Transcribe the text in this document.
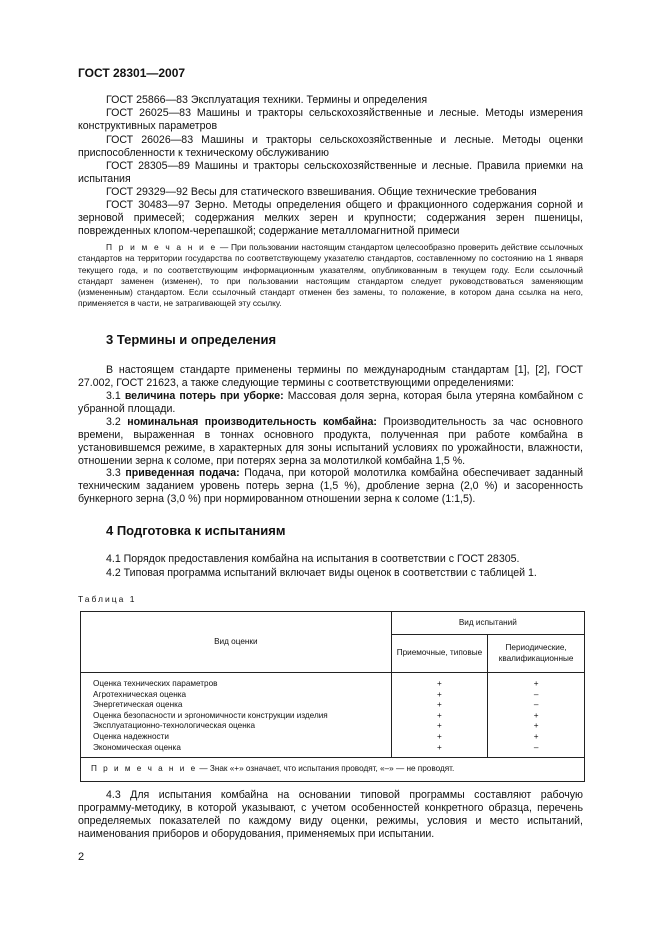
ГОСТ 28301—2007
ГОСТ 25866—83 Эксплуатация техники. Термины и определения
ГОСТ 26025—83 Машины и тракторы сельскохозяйственные и лесные. Методы измерения конструктивных параметров
ГОСТ 26026—83 Машины и тракторы сельскохозяйственные и лесные. Методы оценки приспособленности к техническому обслуживанию
ГОСТ 28305—89 Машины и тракторы сельскохозяйственные и лесные. Правила приемки на испытания
ГОСТ 29329—92 Весы для статического взвешивания. Общие технические требования
ГОСТ 30483—97 Зерно. Методы определения общего и фракционного содержания сорной и зерновой примесей; содержания мелких зерен и крупности; содержания зерен пшеницы, поврежденных клопом-черепашкой; содержание металломагнитной примеси
П р и м е ч а н и е — При пользовании настоящим стандартом целесообразно проверить действие ссылочных стандартов на территории государства по соответствующему указателю стандартов, составленному по состоянию на 1 января текущего года, и по соответствующим информационным указателям, опубликованным в текущем году. Если ссылочный стандарт заменен (изменен), то при пользовании настоящим стандартом следует руководствоваться заменяющим (измененным) стандартом. Если ссылочный стандарт отменен без замены, то положение, в котором дана ссылка на него, применяется в части, не затрагивающей эту ссылку.
3 Термины и определения
В настоящем стандарте применены термины по международным стандартам [1], [2], ГОСТ 27.002, ГОСТ 21623, а также следующие термины с соответствующими определениями:
3.1 величина потерь при уборке: Массовая доля зерна, которая была утеряна комбайном с убранной площади.
3.2 номинальная производительность комбайна: Производительность за час основного времени, выраженная в тоннах основного продукта, полученная при работе комбайна в установившемся режиме, в характерных для зоны испытаний условиях по урожайности, влажности, отношении зерна к соломе, при потерях зерна за молотилкой комбайна 1,5 %.
3.3 приведенная подача: Подача, при которой молотилка комбайна обеспечивает заданный техническим заданием уровень потерь зерна (1,5 %), дробление зерна (2,0 %) и засоренность бункерного зерна (3,0 %) при нормированном отношении зерна к соломе (1:1,5).
4 Подготовка к испытаниям
4.1 Порядок предоставления комбайна на испытания в соответствии с ГОСТ 28305.
4.2 Типовая программа испытаний включает виды оценок в соответствии с таблицей 1.
Таблица 1
Вид оценки	Вид испытаний	
	Приемочные, типовые	Периодические, квалификационные

Оценка технических параметров	+	+
Агротехническая оценка	+	–
Энергетическая оценка	+	–
Оценка безопасности и эргономичности конструкции изделия	+	+
Эксплуатационно-технологическая оценка	+	+
Оценка надежности	+	+
Экономическая оценка	+	–

П р и м е ч а н и е — Знак «+» означает, что испытания проводят, «–» — не проводят.		
4.3 Для испытания комбайна на основании типовой программы составляют рабочую программу-методику, в которой указывают, с учетом особенностей конкретного образца, перечень определяемых показателей по каждому виду оценки, режимы, условия и место испытаний, наименования приборов и оборудования, применяемых при испытании.
2
